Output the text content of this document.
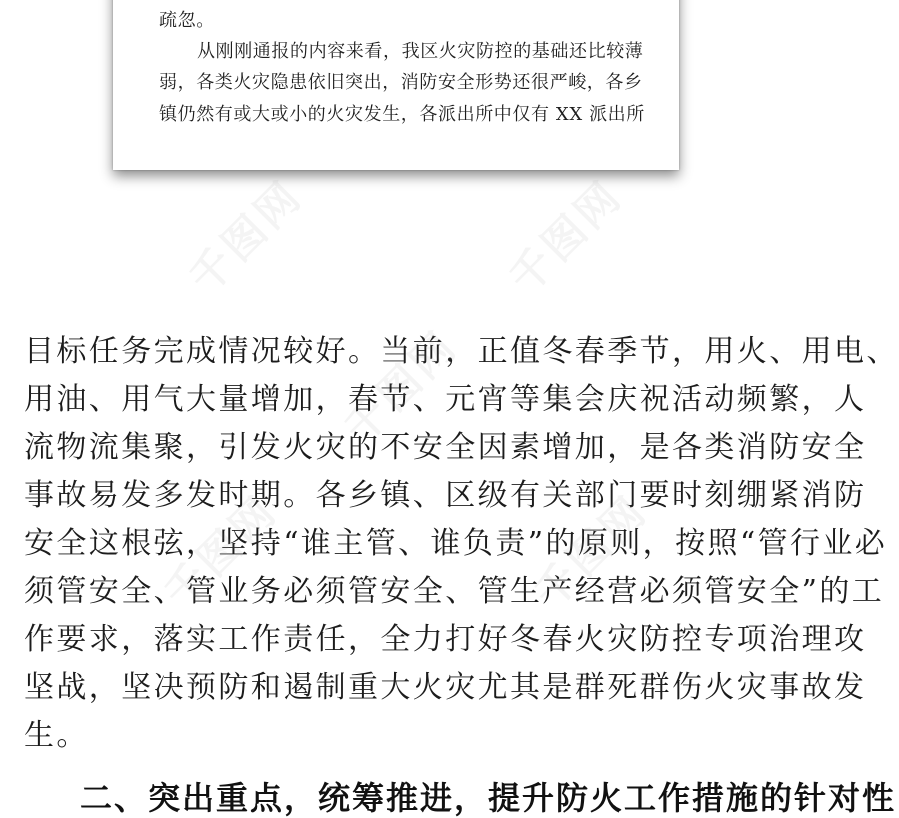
疏忽。
从刚刚通报的内容来看，我区火灾防控的基础还比较薄
弱，各类火灾隐患依旧突出，消防安全形势还很严峻，各乡
镇仍然有或大或小的火灾发生，各派出所中仅有 XX 派出所
目标任务完成情况较好。当前，正值冬春季节，用火、用电、
用油、用气大量增加，春节、元宵等集会庆祝活动频繁，人
流物流集聚，引发火灾的不安全因素增加，是各类消防安全
事故易发多发时期。各乡镇、区级有关部门要时刻绷紧消防
安全这根弦，坚持“谁主管、谁负责”的原则，按照“管行业必
须管安全、管业务必须管安全、管生产经营必须管安全”的工
作要求，落实工作责任，全力打好冬春火灾防控专项治理攻
坚战，坚决预防和遏制重大火灾尤其是群死群伤火灾事故发
生。
二、突出重点，统筹推进，提升防火工作措施的针对性
千图网	千图网
千图网
千图网	千图网
